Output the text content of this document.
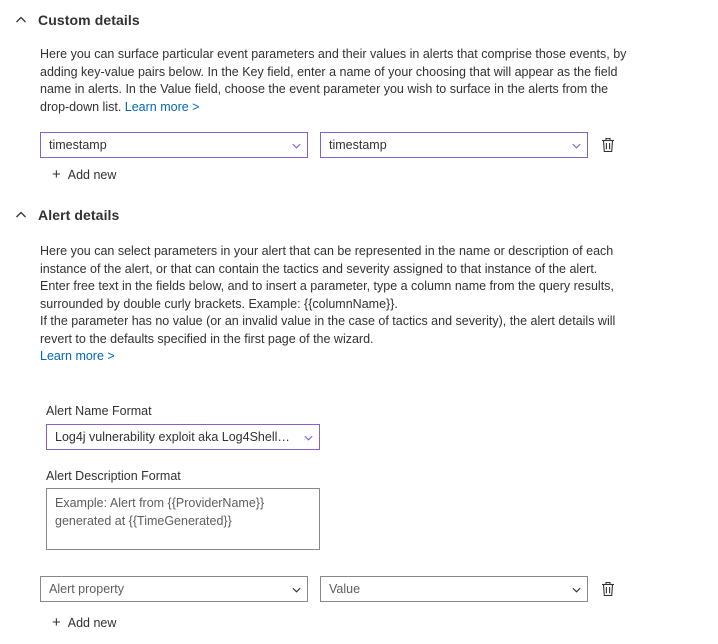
Custom details
Here you can surface particular event parameters and their values in alerts that comprise those events, by adding key-value pairs below. In the Key field, enter a name of your choosing that will appear as the field name in alerts. In the Value field, choose the event parameter you wish to surface in the alerts from the drop-down list. Learn more >
timestamp	timestamp
+ Add new
Alert details
Here you can select parameters in your alert that can be represented in the name or description of each instance of the alert, or that can contain the tactics and severity assigned to that instance of the alert.
Enter free text in the fields below, and to insert a parameter, type a column name from the query results, surrounded by double curly brackets. Example: {{columnName}}.
If the parameter has no value (or an invalid value in the case of tactics and severity), the alert details will revert to the defaults specified in the first page of the wizard.
Learn more >
Alert Name Format
Log4j vulnerability exploit aka Log4Shell ...
Alert Description Format
Example: Alert from {{ProviderName}} generated at {{TimeGenerated}}
Alert property	Value
+ Add new
